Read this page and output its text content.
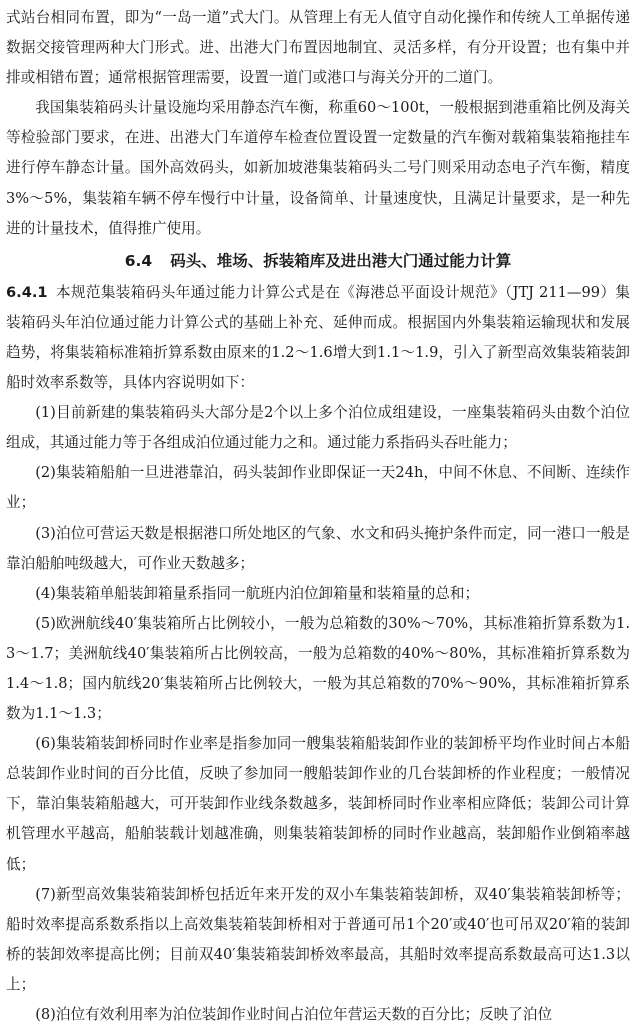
式站台相同布置，即为“一岛一道”式大门。从管理上有无人值守自动化操作和传统人工单据传递数据交接管理两种大门形式。进、出港大门布置因地制宜、灵活多样，有分开设置；也有集中并排或相错布置；通常根据管理需要，设置一道门或港口与海关分开的二道门。

我国集装箱码头计量设施均采用静态汽车衡，称重60～100t，一般根据到港重箱比例及海关等检验部门要求，在进、出港大门车道停车检查位置设置一定数量的汽车衡对载箱集装箱拖挂车进行停车静态计量。国外高效码头，如新加坡港集装箱码头二号门则采用动态电子汽车衡，精度3%～5%，集装箱车辆不停车慢行中计量，设备简单、计量速度快，且满足计量要求，是一种先进的计量技术，值得推广使用。

6.4 码头、堆场、拆装箱库及进出港大门通过能力计算

6.4.1 本规范集装箱码头年通过能力计算公式是在《海港总平面设计规范》（JTJ 211—99）集装箱码头年泊位通过能力计算公式的基础上补充、延伸而成。根据国内外集装箱运输现状和发展趋势，将集装箱标准箱折算系数由原来的1.2～1.6增大到1.1～1.9，引入了新型高效集装箱装卸船时效率系数等，具体内容说明如下：

(1)目前新建的集装箱码头大部分是2个以上多个泊位成组建设，一座集装箱码头由数个泊位组成，其通过能力等于各组成泊位通过能力之和。通过能力系指码头吞吐能力；

(2)集装箱船舶一旦进港靠泊，码头装卸作业即保证一天24h，中间不休息、不间断、连续作业；

(3)泊位可营运天数是根据港口所处地区的气象、水文和码头掩护条件而定，同一港口一般是靠泊船舶吨级越大，可作业天数越多；

(4)集装箱单船装卸箱量系指同一航班内泊位卸箱量和装箱量的总和；

(5)欧洲航线40′集装箱所占比例较小，一般为总箱数的30%～70%，其标准箱折算系数为1.3～1.7；美洲航线40′集装箱所占比例较高，一般为总箱数的40%～80%，其标准箱折算系数为1.4～1.8；国内航线20′集装箱所占比例较大，一般为其总箱数的70%～90%，其标准箱折算系数为1.1～1.3；

(6)集装箱装卸桥同时作业率是指参加同一艘集装箱船装卸作业的装卸桥平均作业时间占本船总装卸作业时间的百分比值，反映了参加同一艘船装卸作业的几台装卸桥的作业程度；一般情况下，靠泊集装箱船越大，可开装卸作业线条数越多，装卸桥同时作业率相应降低；装卸公司计算机管理水平越高，船舶装载计划越准确，则集装箱装卸桥的同时作业越高，装卸船作业倒箱率越低；

(7)新型高效集装箱装卸桥包括近年来开发的双小车集装箱装卸桥，双40′集装箱装卸桥等；船时效率提高系数系指以上高效集装箱装卸桥相对于普通可吊1个20′或40′也可吊双20′箱的装卸桥的装卸效率提高比例；目前双40′集装箱装卸桥效率最高，其船时效率提高系数最高可达1.3以上；

(8)泊位有效利用率为泊位装卸作业时间占泊位年营运天数的百分比；反映了泊位
